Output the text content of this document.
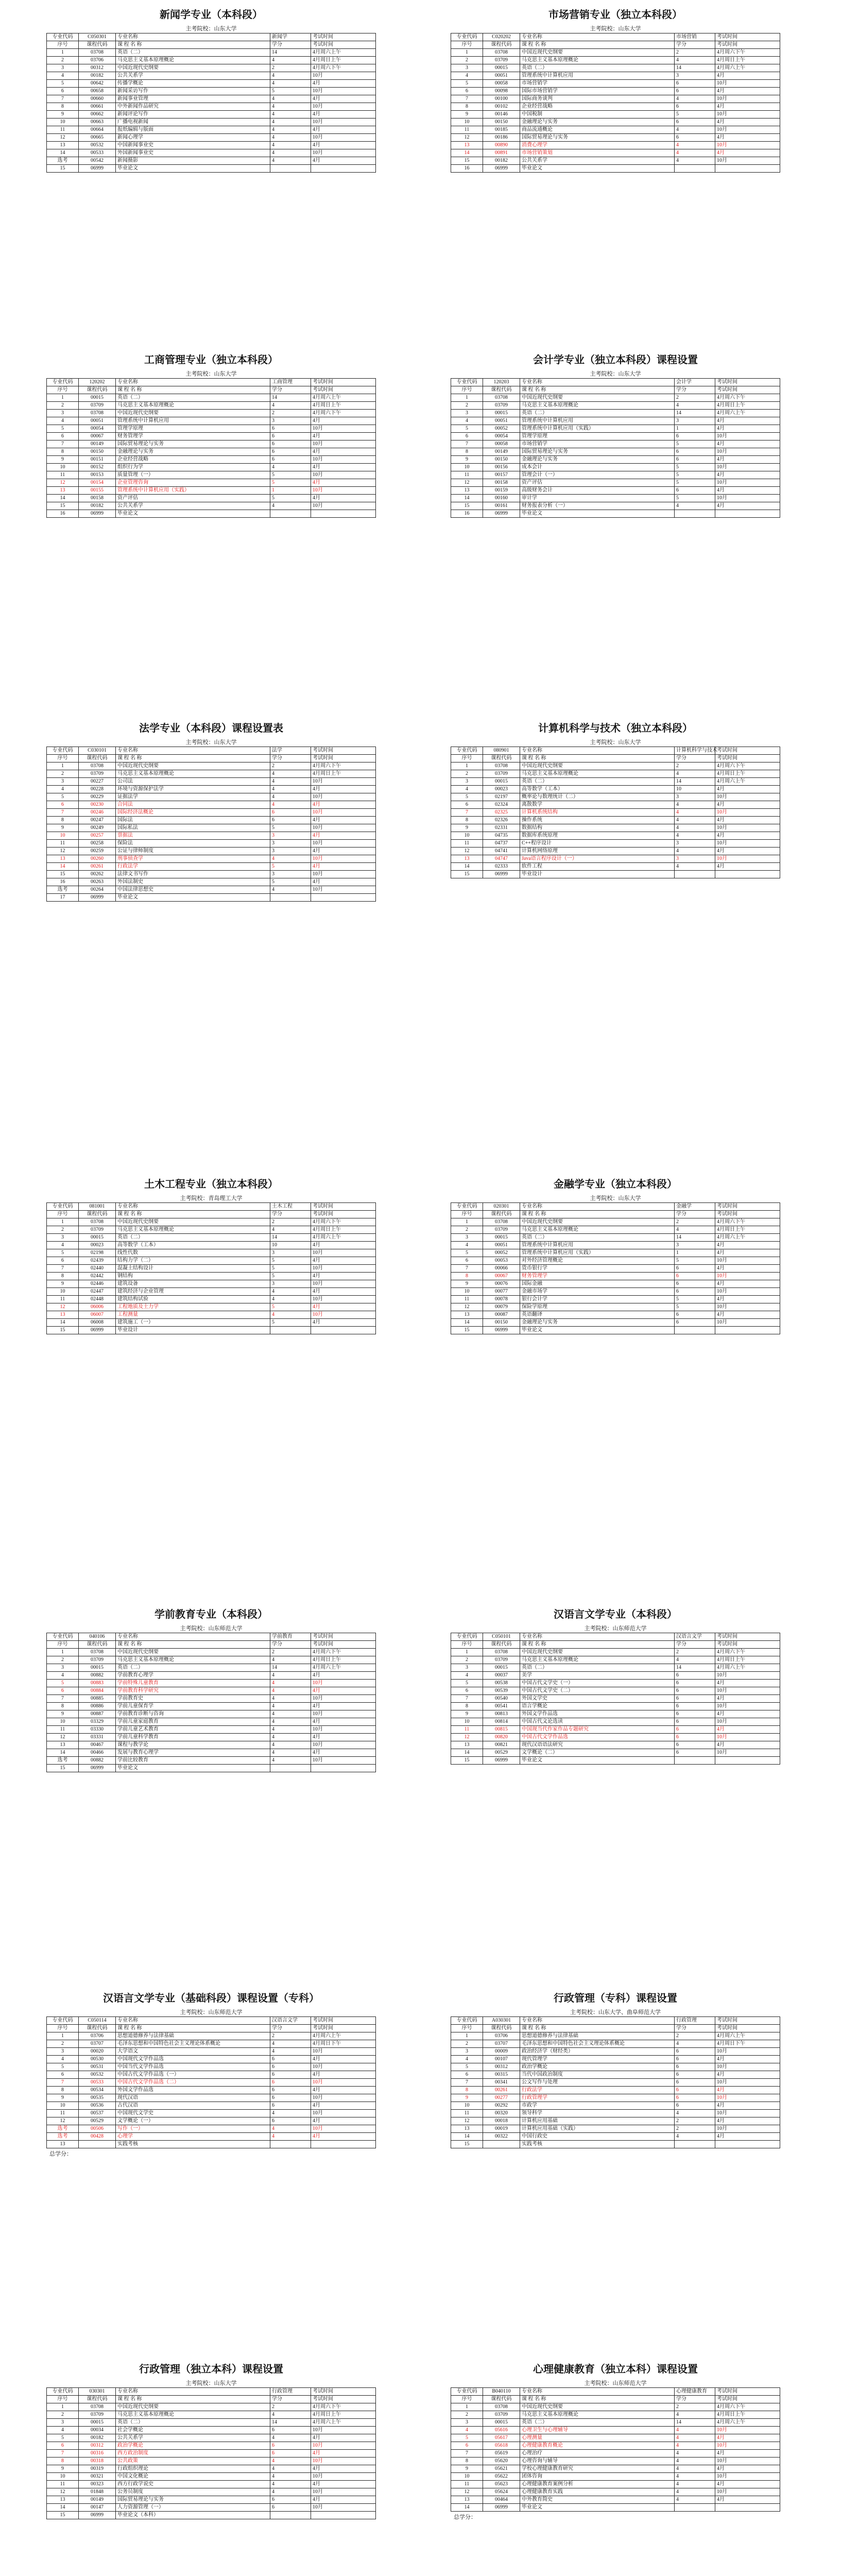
新闻学专业（本科段）
主考院校：山东大学
专业代码	C050301	专业名称	新闻学	考试时间
序号	课程代码	课 程 名 称	学分	考试时间
1	03708	英语（二）	14	4月周六上午
2	03706	马克思主义基本原理概论	4	4月周日上午
3	00312	中国近现代史纲要	2	4月周六下午
4	00182	公共关系学	4	10月
5	00642	传播学概论	4	4月
6	00658	新闻采访写作	5	10月
7	00660	新闻事业管理	4	4月
8	00661	中外新闻作品研究	4	10月
9	00662	新闻评论写作	4	4月
10	00663	广播电视新闻	4	10月
11	00664	报纸编辑与版面	4	4月
12	00665	新闻心理学	4	10月
13	00532	中国新闻事业史	4	4月
14	00533	外国新闻事业史	4	10月
选考	00542	新闻摄影	4	4月
15	06999	毕业论文		
市场营销专业（独立本科段）
主考院校：山东大学
专业代码	C020202	专业名称	市场营销	考试时间
序号	课程代码	课 程 名 称	学分	考试时间
1	03708	中国近现代史纲要	2	4月周六下午
2	03709	马克思主义基本原理概论	4	4月周日上午
3	00015	英语（二）	14	4月周六上午
4	00051	管理系统中计算机应用	3	4月
5	00058	市场营销学	6	10月
6	00098	国际市场营销学	6	4月
7	00100	国际商务谈判	4	10月
8	00102	企业经营战略	6	4月
9	00146	中国税制	5	10月
10	00150	金融理论与实务	6	4月
11	00185	商品流通概论	4	10月
12	00186	国际贸易理论与实务	6	4月
13	00890	消费心理学	4	10月
14	00891	市场营销策划	4	4月
15	00182	公共关系学	4	10月
16	06999	毕业论文		
工商管理专业（独立本科段）
主考院校：山东大学
专业代码	120202	专业名称	工商管理	考试时间
序号	课程代码	课 程 名 称	学分	考试时间
1	00015	英语（二）	14	4月周六上午
2	03709	马克思主义基本原理概论	4	4月周日上午
3	03708	中国近现代史纲要	2	4月周六下午
4	00051	管理系统中计算机应用	3	4月
5	00054	管理学原理	6	10月
6	00067	财务管理学	6	4月
7	00149	国际贸易理论与实务	6	10月
8	00150	金融理论与实务	6	4月
9	00151	企业经营战略	6	10月
10	00152	组织行为学	4	4月
11	00153	质量管理（一）	5	10月
12	00154	企业管理咨询	5	4月
13	00155	管理系统中计算机应用（实践）	1	10月
14	00158	资产评估	5	4月
15	00182	公共关系学	4	10月
16	06999	毕业论文		
会计学专业（独立本科段）课程设置
主考院校：山东大学
专业代码	120203	专业名称	会计学	考试时间
序号	课程代码	课 程 名 称	学分	考试时间
1	03708	中国近现代史纲要	2	4月周六下午
2	03709	马克思主义基本原理概论	4	4月周日上午
3	00015	英语（二）	14	4月周六上午
4	00051	管理系统中计算机应用	3	4月
5	00052	管理系统中计算机应用（实践）	1	4月
6	00054	管理学原理	6	10月
7	00058	市场营销学	5	4月
8	00149	国际贸易理论与实务	6	10月
9	00150	金融理论与实务	6	4月
10	00156	成本会计	5	10月
11	00157	管理会计（一）	5	4月
12	00158	资产评估	5	10月
13	00159	高级财务会计	6	4月
14	00160	审计学	5	10月
15	00161	财务报表分析（一）	4	4月
16	06999	毕业论文		
法学专业（本科段）课程设置表
主考院校：山东大学
专业代码	C030101	专业名称	法学	考试时间
序号	课程代码	课 程 名 称	学分	考试时间
1	03708	中国近现代史纲要	2	4月周六下午
2	03709	马克思主义基本原理概论	4	4月周日上午
3	00227	公司法	4	10月
4	00228	环境与资源保护法学	4	4月
5	00229	证据法学	4	10月
6	00230	合同法	4	4月
7	00246	国际经济法概论	6	10月
8	00247	国际法	6	4月
9	00249	国际私法	5	10月
10	00257	票据法	3	4月
11	00258	保险法	3	10月
12	00259	公证与律师制度	3	4月
13	00260	刑事侦查学	4	10月
14	00261	行政法学	5	4月
15	00262	法律文书写作	3	10月
16	00263	外国法制史	5	4月
选考	00264	中国法律思想史	4	10月
17	06999	毕业论文		
计算机科学与技术（独立本科段）
主考院校：山东大学
专业代码	080901	专业名称	计算机科学与技术	考试时间
序号	课程代码	课 程 名 称	学分	考试时间
1	03708	中国近现代史纲要	2	4月周六下午
2	03709	马克思主义基本原理概论	4	4月周日上午
3	00015	英语（二）	14	4月周六上午
4	00023	高等数学（工本）	10	4月
5	02197	概率论与数理统计（二）	3	10月
6	02324	离散数学	4	4月
7	02325	计算机系统结构	4	10月
8	02326	操作系统	4	4月
9	02331	数据结构	4	10月
10	04735	数据库系统原理	4	4月
11	04737	C++程序设计	3	10月
12	04741	计算机网络原理	4	4月
13	04747	Java语言程序设计（一）	3	10月
14	02333	软件工程	4	4月
15	06999	毕业设计		
土木工程专业（独立本科段）
主考院校：青岛理工大学
专业代码	081001	专业名称	土木工程	考试时间
序号	课程代码	课 程 名 称	学分	考试时间
1	03708	中国近现代史纲要	2	4月周六下午
2	03709	马克思主义基本原理概论	4	4月周日上午
3	00015	英语（二）	14	4月周六上午
4	00023	高等数学（工本）	10	4月
5	02198	线性代数	3	10月
6	02439	结构力学（二）	5	4月
7	02440	混凝土结构设计	5	10月
8	02442	钢结构	5	4月
9	02446	建筑设备	3	10月
10	02447	建筑经济与企业管理	4	4月
11	02448	建筑结构试验	4	10月
12	06006	工程地质及土力学	5	4月
13	06007	工程测量	4	10月
14	06008	建筑施工（一）	5	4月
15	06999	毕业设计		
金融学专业（独立本科段）
主考院校：山东大学
专业代码	020301	专业名称	金融学	考试时间
序号	课程代码	课 程 名 称	学分	考试时间
1	03708	中国近现代史纲要	2	4月周六下午
2	03709	马克思主义基本原理概论	4	4月周日上午
3	00015	英语（二）	14	4月周六上午
4	00051	管理系统中计算机应用	3	4月
5	00052	管理系统中计算机应用（实践）	1	4月
6	00053	对外经济管理概论	5	10月
7	00066	货币银行学	6	4月
8	00067	财务管理学	6	10月
9	00076	国际金融	6	4月
10	00077	金融市场学	6	10月
11	00078	银行会计学	5	4月
12	00079	保险学原理	5	10月
13	00087	英语翻译	6	4月
14	00150	金融理论与实务	6	10月
15	06999	毕业论文		
学前教育专业（本科段）
主考院校：山东师范大学
专业代码	040106	专业名称	学前教育	考试时间
序号	课程代码	课 程 名 称	学分	考试时间
1	03708	中国近现代史纲要	2	4月周六下午
2	03709	马克思主义基本原理概论	4	4月周日上午
3	00015	英语（二）	14	4月周六上午
4	00882	学前教育心理学	4	4月
5	00883	学前特殊儿童教育	4	10月
6	00884	学前教育科学研究	4	4月
7	00885	学前教育史	4	10月
8	00886	学前儿童保育学	4	4月
9	00887	学前教育诊断与咨询	4	10月
10	03329	学前儿童家庭教育	4	4月
11	03330	学前儿童艺术教育	4	10月
12	03331	学前儿童科学教育	4	4月
13	00467	课程与教学论	4	10月
14	00466	发展与教育心理学	4	4月
选考	00882	学前比较教育	4	10月
15	06999	毕业论文		
汉语言文学专业（本科段）
主考院校：山东师范大学
专业代码	C050101	专业名称	汉语言文学	考试时间
序号	课程代码	课 程 名 称	学分	考试时间
1	03708	中国近现代史纲要	2	4月周六下午
2	03709	马克思主义基本原理概论	4	4月周日上午
3	00015	英语（二）	14	4月周六上午
4	00037	美学	6	10月
5	00538	中国古代文学史（一）	6	4月
6	00539	中国古代文学史（二）	6	10月
7	00540	外国文学史	6	4月
8	00541	语言学概论	6	10月
9	00813	外国文学作品选	6	4月
10	00814	中国古代文论选读	6	10月
11	00815	中国现当代作家作品专题研究	6	4月
12	00820	中国古代文学作品选	6	10月
13	00821	现代汉语语法研究	6	4月
14	00529	文学概论（二）	6	10月
15	06999	毕业论文		
汉语言文学专业（基础科段）课程设置（专科）
主考院校：山东师范大学
专业代码	C050114	专业名称	汉语言文学	考试时间
序号	课程代码	课 程 名 称	学分	考试时间
1	03706	思想道德修养与法律基础	2	4月周六上午
2	03707	毛泽东思想和中国特色社会主义理论体系概论	4	4月周日下午
3	00020	大学语文	4	10月
4	00530	中国现代文学作品选	6	4月
5	00531	中国当代文学作品选	6	10月
6	00532	中国古代文学作品选（一）	6	4月
7	00533	中国古代文学作品选（二）	6	10月
8	00534	外国文学作品选	6	4月
9	00535	现代汉语	6	10月
10	00536	古代汉语	6	4月
11	00537	中国现代文学史	4	10月
12	00529	文学概论（一）	6	4月
选考	00506	写作（一）	4	10月
选考	00428	心理学	4	4月
13		实践考核		
总学分：
行政管理（专科）课程设置
主考院校：山东大学、曲阜师范大学
专业代码	A030301	专业名称	行政管理	考试时间
序号	课程代码	课 程 名 称	学分	考试时间
1	03706	思想道德修养与法律基础	2	4月周六上午
2	03707	毛泽东思想和中国特色社会主义理论体系概论	4	4月周日下午
3	00009	政治经济学（财经类）	6	10月
4	00107	现代管理学	6	4月
5	00312	政治学概论	6	10月
6	00315	当代中国政治制度	6	4月
7	00341	公文写作与处理	6	10月
8	00261	行政法学	6	4月
9	00277	行政管理学	6	10月
10	00292	市政学	6	4月
11	00320	领导科学	4	10月
12	00018	计算机应用基础	2	4月
13	00019	计算机应用基础（实践）	2	10月
14	00322	中国行政史	4	4月
15		实践考核		
行政管理（独立本科）课程设置
主考院校：山东大学
专业代码	030301	专业名称	行政管理	考试时间
序号	课程代码	课 程 名 称	学分	考试时间
1	03708	中国近现代史纲要	2	4月周六下午
2	03709	马克思主义基本原理概论	4	4月周日上午
3	00015	英语（二）	14	4月周六上午
4	00034	社会学概论	6	10月
5	00182	公共关系学	4	4月
6	00312	政治学概论	6	10月
7	00316	西方政治制度	6	4月
8	00318	公共政策	4	10月
9	00319	行政组织理论	4	4月
10	00321	中国文化概论	4	10月
11	00323	西方行政学说史	4	4月
12	01848	公务员制度	4	10月
13	00149	国际贸易理论与实务	6	4月
14	00147	人力资源管理（一）	6	10月
15	06999	毕业论文（本科）		
心理健康教育（独立本科）课程设置
主考院校：山东师范大学
专业代码	B040110	专业名称	心理健康教育	考试时间
序号	课程代码	课 程 名 称	学分	考试时间
1	03708	中国近现代史纲要	2	4月周六下午
2	03709	马克思主义基本原理概论	4	4月周日上午
3	00015	英语（二）	14	4月周六上午
4	05616	心理卫生与心理辅导	4	10月
5	05617	心理测量	4	4月
6	05618	心理健康教育概论	4	10月
7	05619	心理治疗	4	4月
8	05620	心理咨询与辅导	4	10月
9	05621	学校心理健康教育研究	4	4月
10	05622	团体咨询	4	10月
11	05623	心理健康教育案例分析	4	4月
12	05624	心理健康教育实践	4	10月
13	00464	中外教育简史	4	4月
14	06999	毕业论文		
总学分：
